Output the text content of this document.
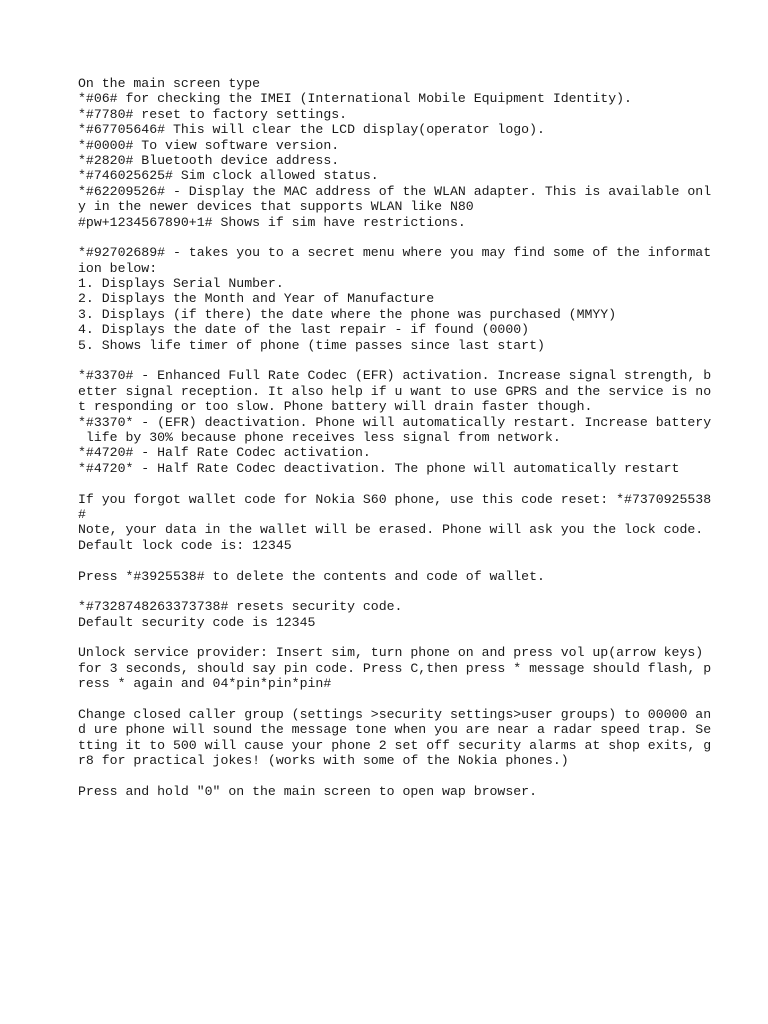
On the main screen type
*#06# for checking the IMEI (International Mobile Equipment Identity).
*#7780# reset to factory settings.
*#67705646# This will clear the LCD display(operator logo).
*#0000# To view software version.
*#2820# Bluetooth device address.
*#746025625# Sim clock allowed status.
*#62209526# - Display the MAC address of the WLAN adapter. This is available onl
y in the newer devices that supports WLAN like N80
#pw+1234567890+1# Shows if sim have restrictions.
*#92702689# - takes you to a secret menu where you may find some of the informat
ion below:
1. Displays Serial Number.
2. Displays the Month and Year of Manufacture
3. Displays (if there) the date where the phone was purchased (MMYY)
4. Displays the date of the last repair - if found (0000)
5. Shows life timer of phone (time passes since last start)
*#3370# - Enhanced Full Rate Codec (EFR) activation. Increase signal strength, b
etter signal reception. It also help if u want to use GPRS and the service is no
t responding or too slow. Phone battery will drain faster though.
*#3370* - (EFR) deactivation. Phone will automatically restart. Increase battery
life by 30% because phone receives less signal from network.
*#4720# - Half Rate Codec activation.
*#4720* - Half Rate Codec deactivation. The phone will automatically restart
If you forgot wallet code for Nokia S60 phone, use this code reset: *#7370925538
#
Note, your data in the wallet will be erased. Phone will ask you the lock code.
Default lock code is: 12345
Press *#3925538# to delete the contents and code of wallet.
*#7328748263373738# resets security code.
Default security code is 12345
Unlock service provider: Insert sim, turn phone on and press vol up(arrow keys)
for 3 seconds, should say pin code. Press C,then press * message should flash, p
ress * again and 04*pin*pin*pin#
Change closed caller group (settings >security settings>user groups) to 00000 an
d ure phone will sound the message tone when you are near a radar speed trap. Se
tting it to 500 will cause your phone 2 set off security alarms at shop exits, g
r8 for practical jokes! (works with some of the Nokia phones.)
Press and hold "0" on the main screen to open wap browser.
